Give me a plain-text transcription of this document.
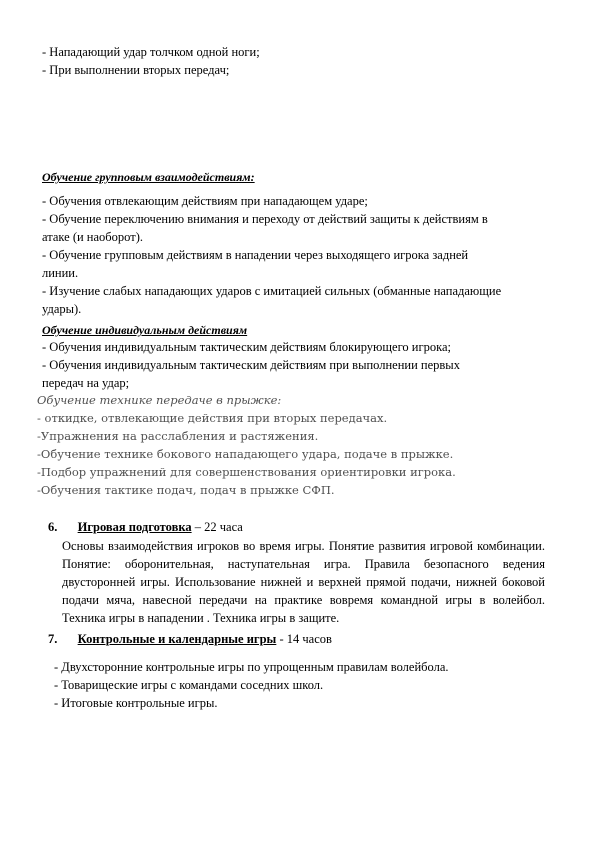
- Нападающий удар толчком одной ноги;
- При выполнении вторых передач;
Обучение групповым взаимодействиям:
- Обучения отвлекающим действиям при нападающем ударе;
- Обучение переключению внимания и переходу от действий защиты к действиям в
атаке (и наоборот).
- Обучение групповым действиям в нападении через выходящего игрока задней
линии.
- Изучение слабых нападающих ударов с имитацией сильных (обманные нападающие
удары).
Обучение индивидуальным действиям
- Обучения индивидуальным тактическим действиям блокирующего игрока;
- Обучения индивидуальным тактическим действиям при выполнении первых
передач на удар;
Обучение технике передаче в прыжке:
- откидке, отвлекающие действия при вторых передачах.
-Упражнения на расслабления и растяжения.
-Обучение технике бокового нападающего удара, подаче в прыжке.
-Подбор упражнений для совершенствования ориентировки игрока.
-Обучения тактике подач, подач в прыжке СФП.
6. Игровая подготовка – 22 часа
Основы взаимодействия игроков во время игры. Понятие развития игровой комбинации. Понятие: оборонительная, наступательная игра. Правила безопасного ведения двусторонней игры. Использование нижней и верхней прямой подачи, нижней боковой подачи мяча, навесной передачи на практике вовремя командной игры в волейбол. Техника игры в нападении . Техника игры в защите.
7. Контрольные и календарные игры - 14 часов
- Двухсторонние контрольные игры по упрощенным правилам волейбола.
- Товарищеские игры с командами соседних школ.
- Итоговые контрольные игры.
